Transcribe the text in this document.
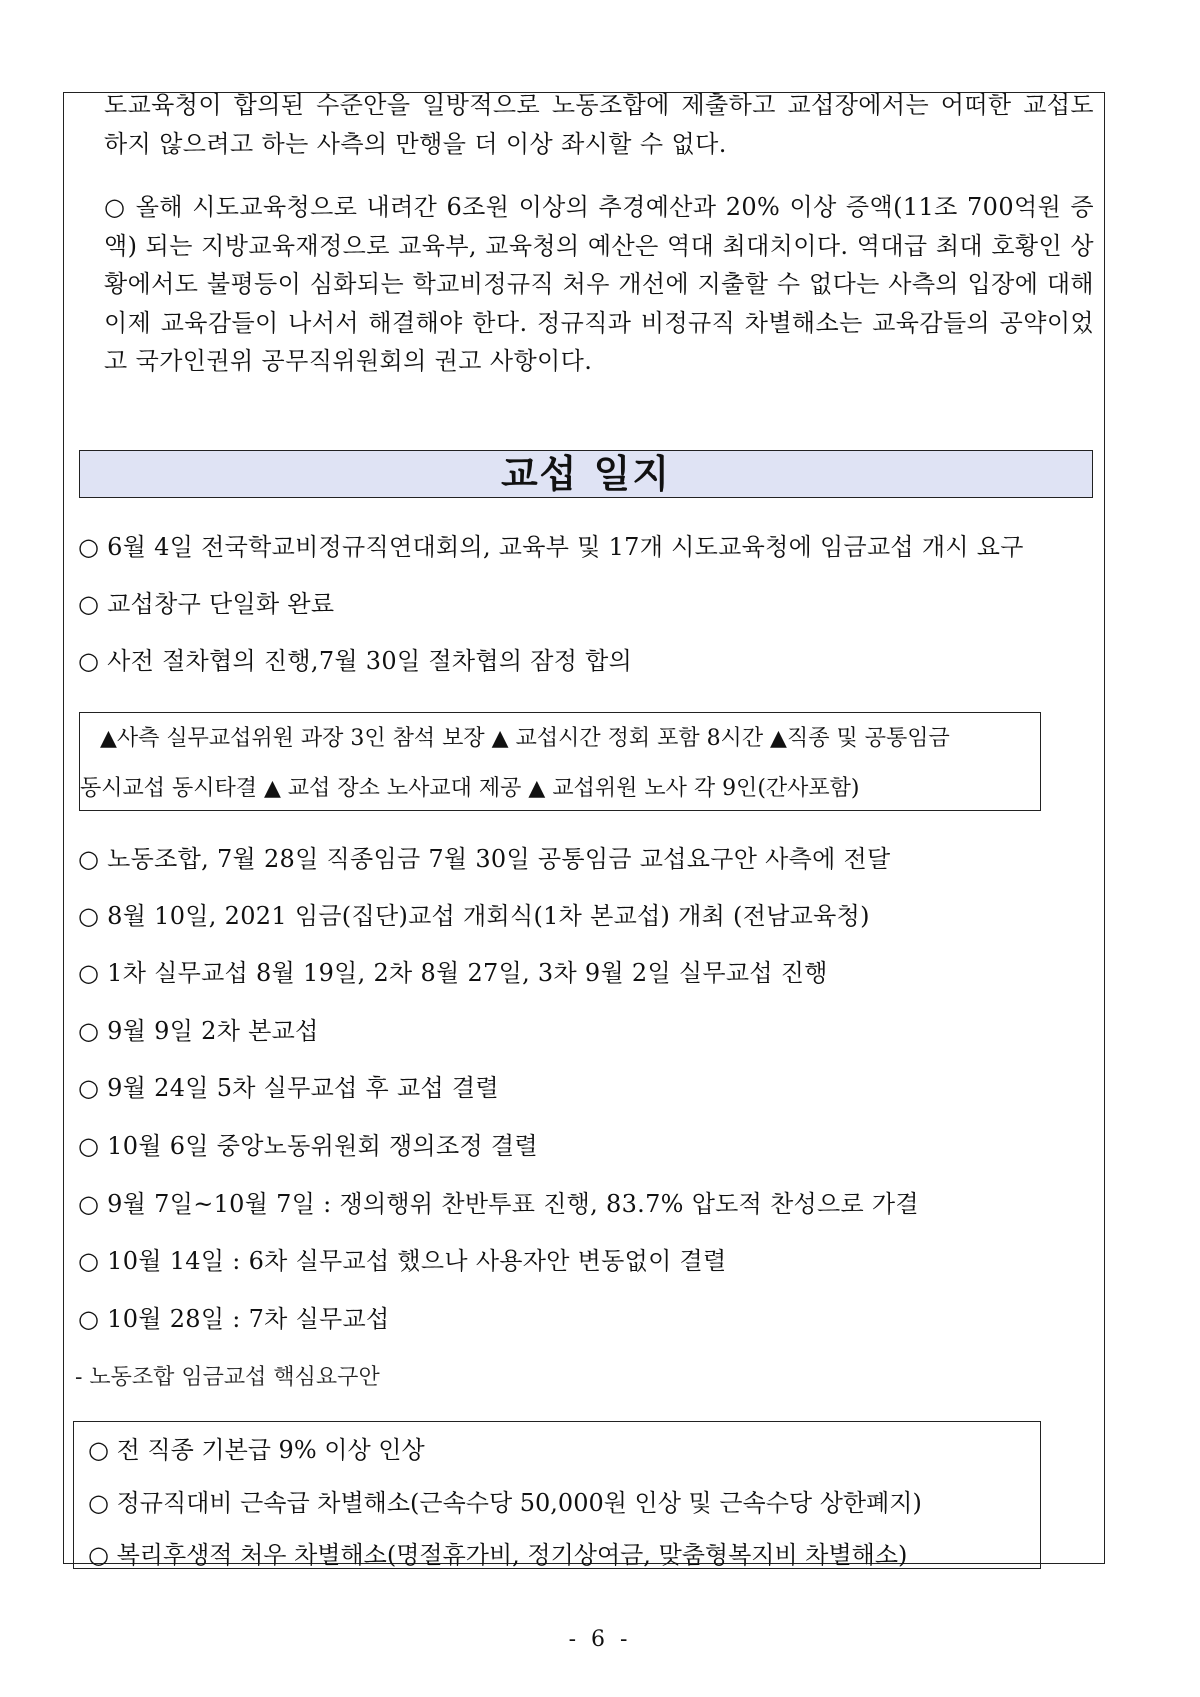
도교육청이 합의된 수준안을 일방적으로 노동조합에 제출하고 교섭장에서는 어떠한 교섭도 하지 않으려고 하는 사측의 만행을 더 이상 좌시할 수 없다.

○ 올해 시도교육청으로 내려간 6조원 이상의 추경예산과 20% 이상 증액(11조 700억원 증액) 되는 지방교육재정으로 교육부, 교육청의 예산은 역대 최대치이다. 역대급 최대 호황인 상황에서도 불평등이 심화되는 학교비정규직 처우 개선에 지출할 수 없다는 사측의 입장에 대해 이제 교육감들이 나서서 해결해야 한다. 정규직과 비정규직 차별해소는 교육감들의 공약이었고 국가인권위 공무직위원회의 권고 사항이다.

교섭 일지
○ 6월 4일 전국학교비정규직연대회의, 교육부 및 17개 시도교육청에 임금교섭 개시 요구
○ 교섭창구 단일화 완료
○ 사전 절차협의 진행,7월 30일 절차협의 잠정 합의
▲사측 실무교섭위원 과장 3인 참석 보장 ▲ 교섭시간 정회 포함 8시간 ▲직종 및 공통임금
동시교섭 동시타결 ▲ 교섭 장소 노사교대 제공 ▲ 교섭위원 노사 각 9인(간사포함)
○ 노동조합, 7월 28일 직종임금 7월 30일 공통임금 교섭요구안 사측에 전달
○ 8월 10일, 2021 임금(집단)교섭 개회식(1차 본교섭) 개최 (전남교육청)
○ 1차 실무교섭 8월 19일, 2차 8월 27일, 3차 9월 2일 실무교섭 진행
○ 9월 9일 2차 본교섭
○ 9월 24일 5차 실무교섭 후 교섭 결렬
○ 10월 6일 중앙노동위원회 쟁의조정 결렬
○ 9월 7일~10월 7일 : 쟁의행위 찬반투표 진행, 83.7% 압도적 찬성으로 가결
○ 10월 14일 : 6차 실무교섭 했으나 사용자안 변동없이 결렬
○ 10월 28일 : 7차 실무교섭
- 노동조합 임금교섭 핵심요구안
○ 전 직종 기본급 9% 이상 인상
○ 정규직대비 근속급 차별해소(근속수당 50,000원 인상 및 근속수당 상한폐지)
○ 복리후생적 처우 차별해소(명절휴가비, 정기상여금, 맞춤형복지비 차별해소)
- 6 -
